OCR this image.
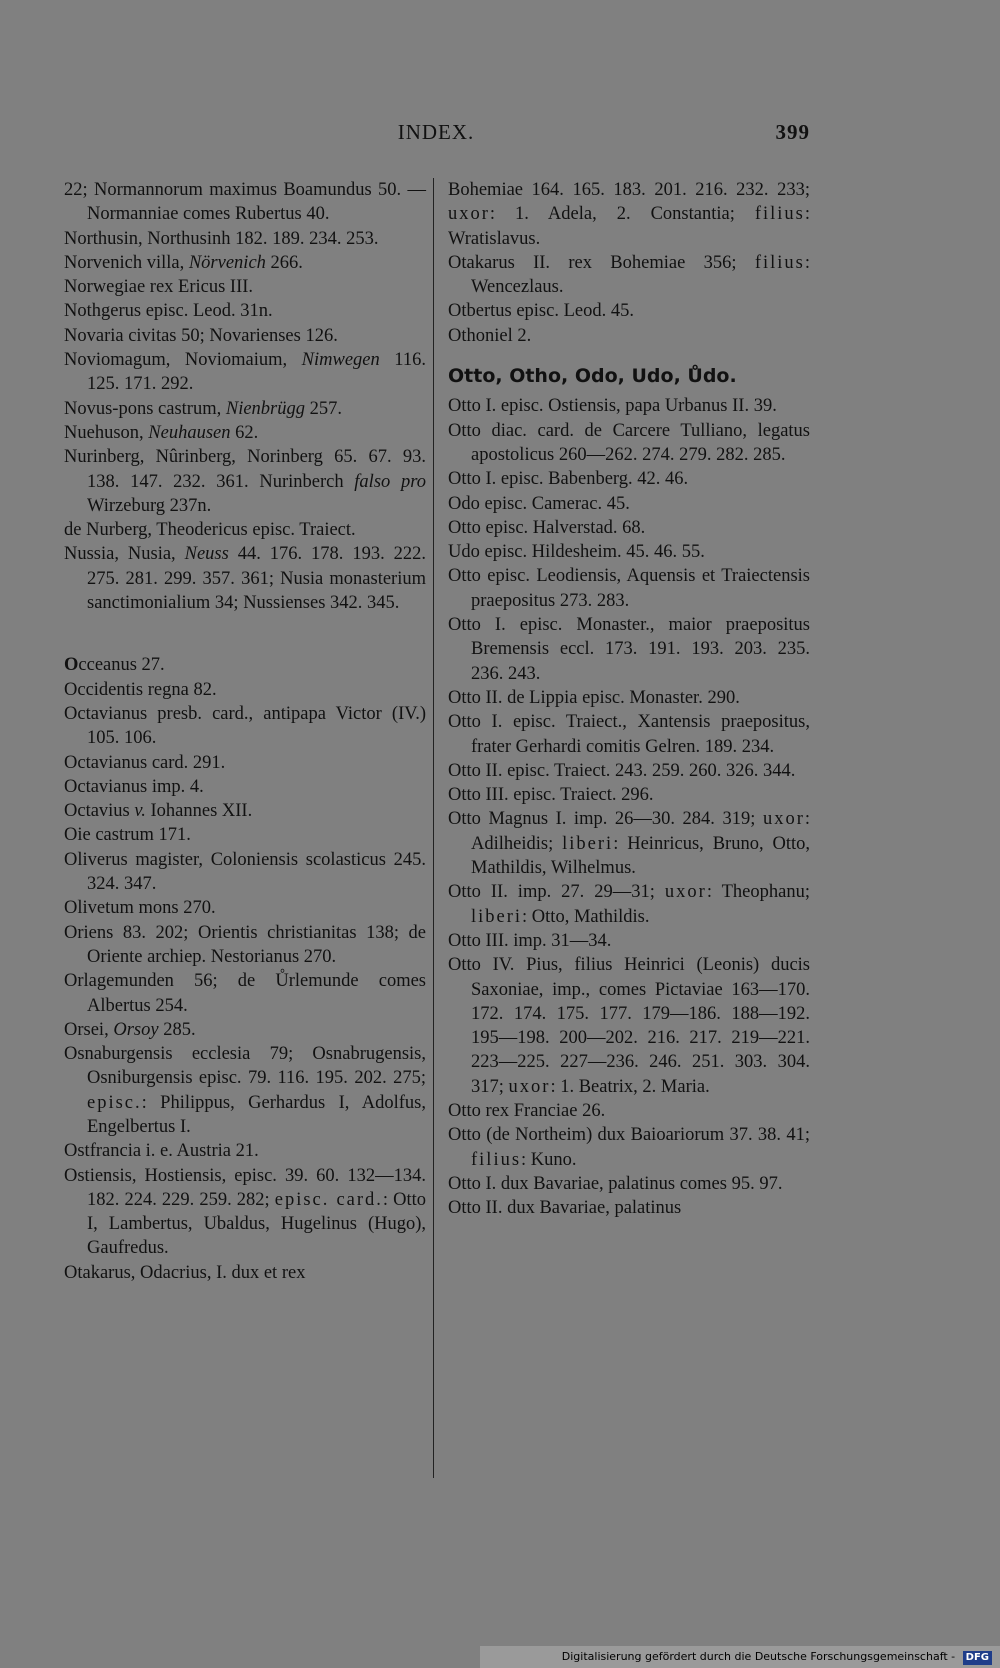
INDEX.	399

22; Normannorum maximus Boamundus 50. — Normanniae comes Rubertus 40.

Northusin, Northusinh 182. 189. 234. 253.

Norvenich villa, Nörvenich 266.

Norwegiae rex Ericus III.

Nothgerus episc. Leod. 31n.

Novaria civitas 50; Novarienses 126.

Noviomagum, Noviomaium, Nimwegen 116. 125. 171. 292.

Novus-pons castrum, Nienbrügg 257.

Nuehuson, Neuhausen 62.

Nurinberg, Nûrinberg, Norinberg 65. 67. 93. 138. 147. 232. 361. Nurinberch falso pro Wirzeburg 237n.

de Nurberg, Theodericus episc. Traiect.

Nussia, Nusia, Neuss 44. 176. 178. 193. 222. 275. 281. 299. 357. 361; Nusia monasterium sanctimonialium 34; Nussienses 342. 345.

Occeanus 27.

Occidentis regna 82.

Octavianus presb. card., antipapa Victor (IV.) 105. 106.

Octavianus card. 291.

Octavianus imp. 4.

Octavius v. Iohannes XII.

Oie castrum 171.

Oliverus magister, Coloniensis scolasticus 245. 324. 347.

Olivetum mons 270.

Oriens 83. 202; Orientis christianitas 138; de Oriente archiep. Nestorianus 270.

Orlagemunden 56; de Ůrlemunde comes Albertus 254.

Orsei, Orsoy 285.

Osnaburgensis ecclesia 79; Osnabrugensis, Osniburgensis episc. 79. 116. 195. 202. 275; episc.: Philippus, Gerhardus I, Adolfus, Engelbertus I.

Ostfrancia i. e. Austria 21.

Ostiensis, Hostiensis, episc. 39. 60. 132—134. 182. 224. 229. 259. 282; episc. card.: Otto I, Lambertus, Ubaldus, Hugelinus (Hugo), Gaufredus.

Otakarus, Odacrius, I. dux et rex

Bohemiae 164. 165. 183. 201. 216. 232. 233; uxor: 1. Adela, 2. Constantia; filius: Wratislavus.

Otakarus II. rex Bohemiae 356; filius: Wencezlaus.

Otbertus episc. Leod. 45.

Othoniel 2.

Otto, Otho, Odo, Udo, Ůdo.

Otto I. episc. Ostiensis, papa Urbanus II. 39.

Otto diac. card. de Carcere Tulliano, legatus apostolicus 260—262. 274. 279. 282. 285.

Otto I. episc. Babenberg. 42. 46.

Odo episc. Camerac. 45.

Otto episc. Halverstad. 68.

Udo episc. Hildesheim. 45. 46. 55.

Otto episc. Leodiensis, Aquensis et Traiectensis praepositus 273. 283.

Otto I. episc. Monaster., maior praepositus Bremensis eccl. 173. 191. 193. 203. 235. 236. 243.

Otto II. de Lippia episc. Monaster. 290.

Otto I. episc. Traiect., Xantensis praepositus, frater Gerhardi comitis Gelren. 189. 234.

Otto II. episc. Traiect. 243. 259. 260. 326. 344.

Otto III. episc. Traiect. 296.

Otto Magnus I. imp. 26—30. 284. 319; uxor: Adilheidis; liberi: Heinricus, Bruno, Otto, Mathildis, Wilhelmus.

Otto II. imp. 27. 29—31; uxor: Theophanu; liberi: Otto, Mathildis.

Otto III. imp. 31—34.

Otto IV. Pius, filius Heinrici (Leonis) ducis Saxoniae, imp., comes Pictaviae 163—170. 172. 174. 175. 177. 179—186. 188—192. 195—198. 200—202. 216. 217. 219—221. 223—225. 227—236. 246. 251. 303. 304. 317; uxor: 1. Beatrix, 2. Maria.

Otto rex Franciae 26.

Otto (de Northeim) dux Baioariorum 37. 38. 41; filius: Kuno.

Otto I. dux Bavariae, palatinus comes 95. 97.

Otto II. dux Bavariae, palatinus

Digitalisierung gefördert durch die Deutsche Forschungsgemeinschaft - DFG
